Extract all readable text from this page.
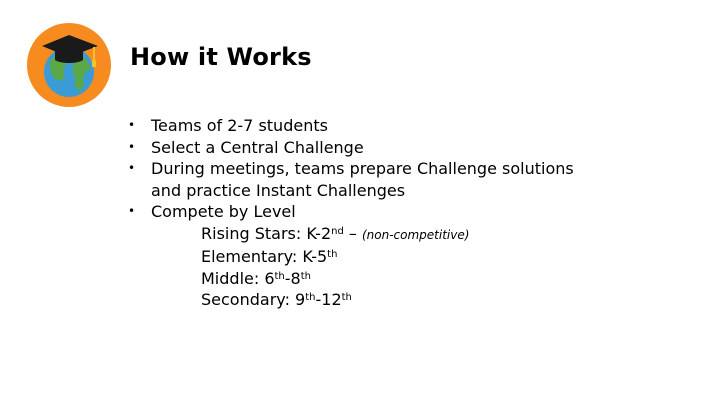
How it Works
• Teams of 2-7 students
• Select a Central Challenge
• During meetings, teams prepare Challenge solutions
and practice Instant Challenges
• Compete by Level
Rising Stars: K-2nd – (non-competitive)
Elementary: K-5th
Middle: 6th-8th
Secondary: 9th-12th
